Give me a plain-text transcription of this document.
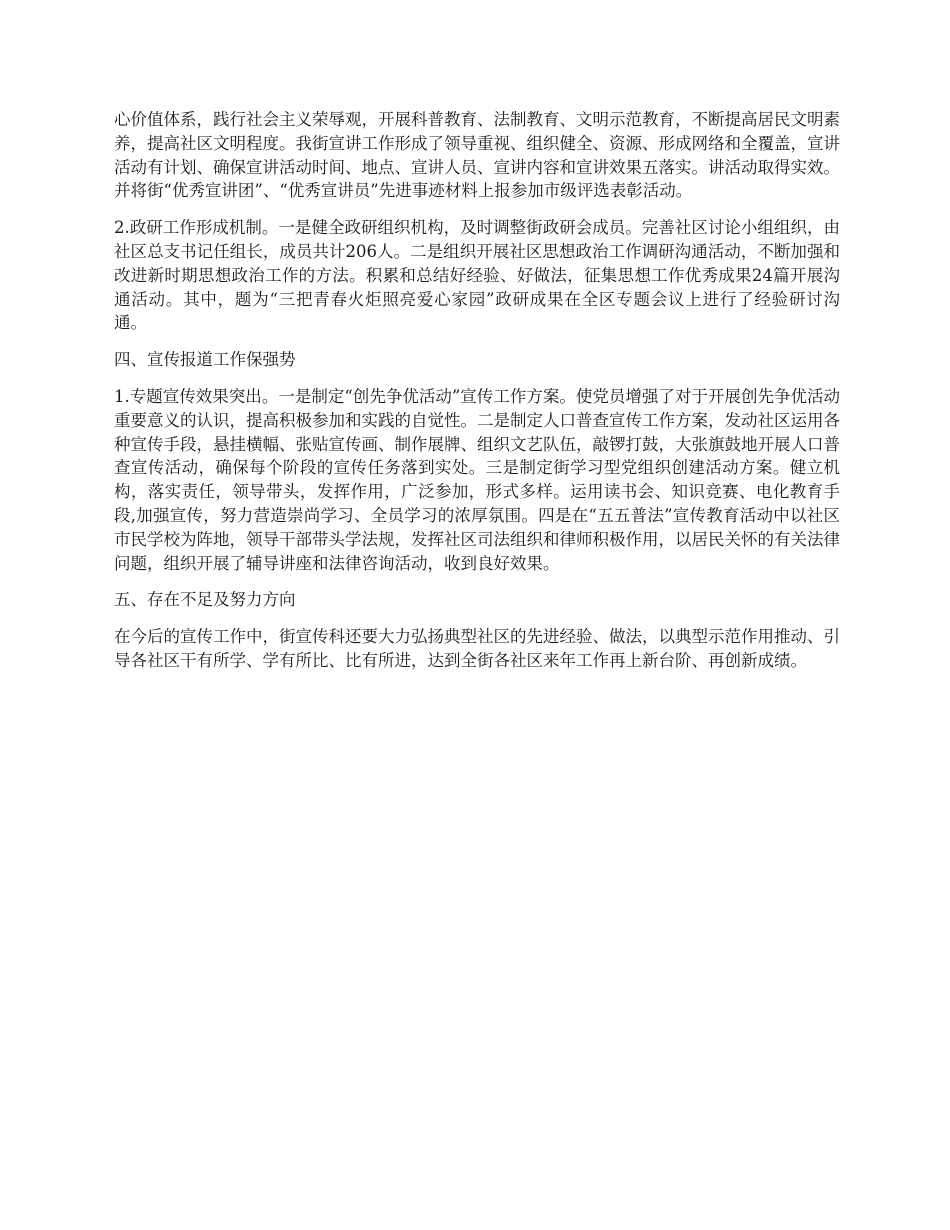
心价值体系，践行社会主义荣辱观，开展科普教育、法制教育、文明示范教育，不断提高居民文明素养，提高社区文明程度。我街宣讲工作形成了领导重视、组织健全、资源、形成网络和全覆盖，宣讲活动有计划、确保宣讲活动时间、地点、宣讲人员、宣讲内容和宣讲效果五落实。讲活动取得实效。并将街“优秀宣讲团”、“优秀宣讲员”先进事迹材料上报参加市级评选表彰活动。

2.政研工作形成机制。一是健全政研组织机构，及时调整街政研会成员。完善社区讨论小组组织，由社区总支书记任组长，成员共计206人。二是组织开展社区思想政治工作调研沟通活动，不断加强和改进新时期思想政治工作的方法。积累和总结好经验、好做法，征集思想工作优秀成果24篇开展沟通活动。其中，题为“三把青春火炬照亮爱心家园”政研成果在全区专题会议上进行了经验研讨沟通。

四、宣传报道工作保强势

1.专题宣传效果突出。一是制定“创先争优活动”宣传工作方案。使党员增强了对于开展创先争优活动重要意义的认识，提高积极参加和实践的自觉性。二是制定人口普查宣传工作方案，发动社区运用各种宣传手段，悬挂横幅、张贴宣传画、制作展牌、组织文艺队伍，敲锣打鼓，大张旗鼓地开展人口普查宣传活动，确保每个阶段的宣传任务落到实处。三是制定街学习型党组织创建活动方案。健立机构，落实责任，领导带头，发挥作用，广泛参加，形式多样。运用读书会、知识竞赛、电化教育手段,加强宣传，努力营造崇尚学习、全员学习的浓厚氛围。四是在“五五普法”宣传教育活动中以社区市民学校为阵地，领导干部带头学法规，发挥社区司法组织和律师积极作用，以居民关怀的有关法律问题，组织开展了辅导讲座和法律咨询活动，收到良好效果。

五、存在不足及努力方向

在今后的宣传工作中，街宣传科还要大力弘扬典型社区的先进经验、做法，以典型示范作用推动、引导各社区干有所学、学有所比、比有所进，达到全街各社区来年工作再上新台阶、再创新成绩。
